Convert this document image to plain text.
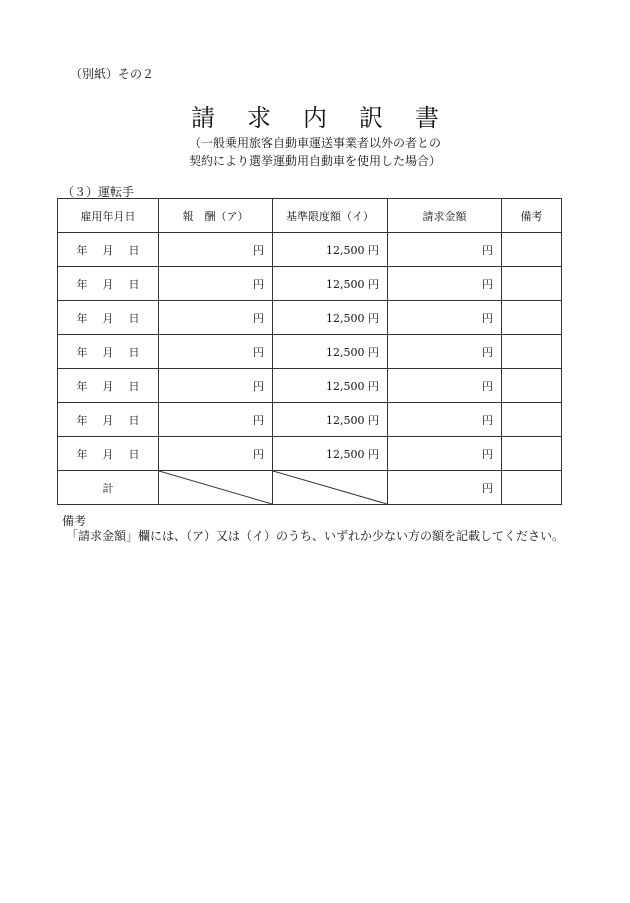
（別紙）その２
請求内訳書
（一般乗用旅客自動車運送事業者以外の者との
契約により選挙運動用自動車を使用した場合）
（３）運転手
雇用年月日	報　酬（ア）	基準限度額（イ）	請求金額	備考
年 月 日	円	12,500 円	円	
年 月 日	円	12,500 円	円	
年 月 日	円	12,500 円	円	
年 月 日	円	12,500 円	円	
年 月 日	円	12,500 円	円	
年 月 日	円	12,500 円	円	
年 月 日	円	12,500 円	円	
計			円	
備考
「請求金額」欄には、（ア）又は（イ）のうち、いずれか少ない方の額を記載してください。
